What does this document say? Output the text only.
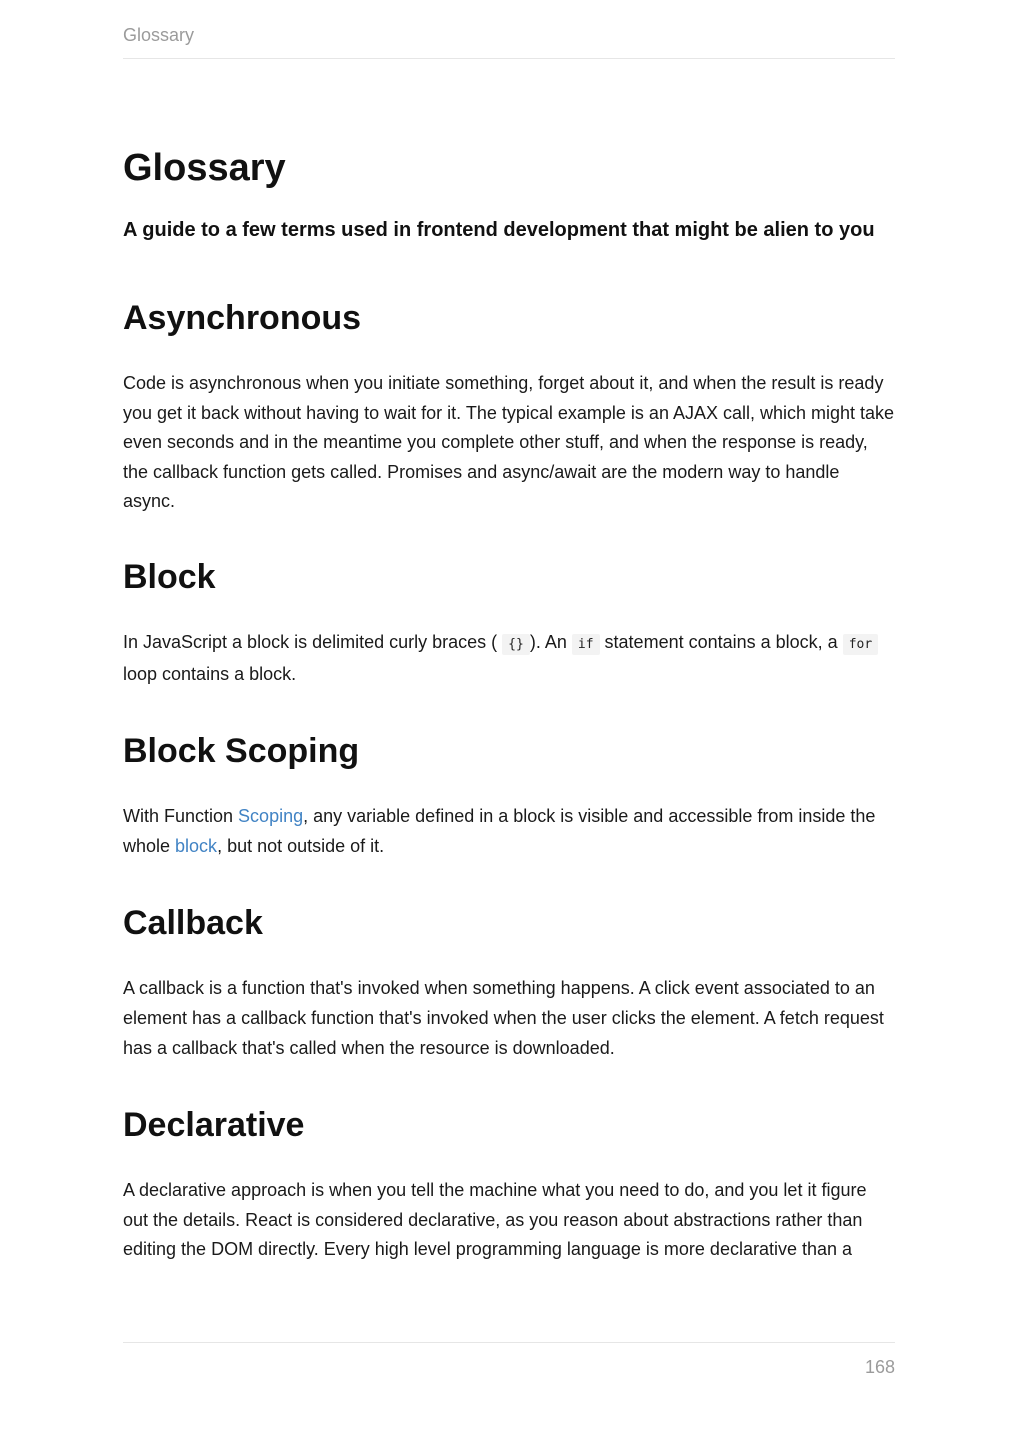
Glossary
Glossary
A guide to a few terms used in frontend development that might be alien to you
Asynchronous

Code is asynchronous when you initiate something, forget about it, and when the result is ready you get it back without having to wait for it. The typical example is an AJAX call, which might take even seconds and in the meantime you complete other stuff, and when the response is ready, the callback function gets called. Promises and async/await are the modern way to handle async.

Block

In JavaScript a block is delimited curly braces ( {} ). An if statement contains a block, a for loop contains a block.

Block Scoping

With Function Scoping, any variable defined in a block is visible and accessible from inside the whole block, but not outside of it.

Callback

A callback is a function that's invoked when something happens. A click event associated to an element has a callback function that's invoked when the user clicks the element. A fetch request has a callback that's called when the resource is downloaded.

Declarative

A declarative approach is when you tell the machine what you need to do, and you let it figure out the details. React is considered declarative, as you reason about abstractions rather than editing the DOM directly. Every high level programming language is more declarative than a

168
